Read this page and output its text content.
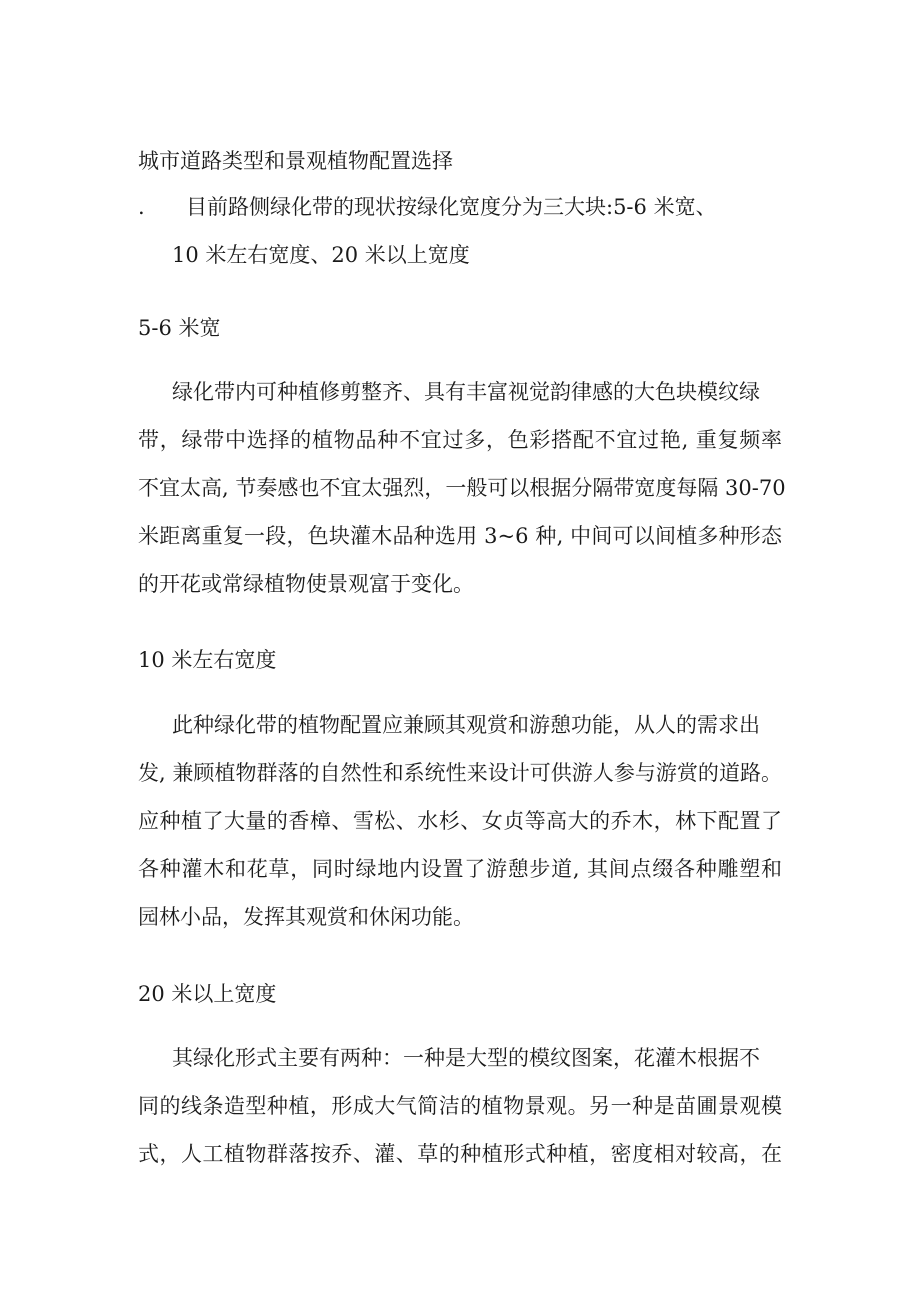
城市道路类型和景观植物配置选择
. 目前路侧绿化带的现状按绿化宽度分为三大块:5-6 米宽、
10 米左右宽度、20 米以上宽度
5-6 米宽
绿化带内可种植修剪整齐、具有丰富视觉韵律感的大色块模纹绿
带，绿带中选择的植物品种不宜过多，色彩搭配不宜过艳, 重复频率
不宜太高, 节奏感也不宜太强烈，一般可以根据分隔带宽度每隔 30-70
米距离重复一段，色块灌木品种选用 3~6 种, 中间可以间植多种形态
的开花或常绿植物使景观富于变化。
10 米左右宽度
此种绿化带的植物配置应兼顾其观赏和游憩功能，从人的需求出
发, 兼顾植物群落的自然性和系统性来设计可供游人参与游赏的道路。
应种植了大量的香樟、雪松、水杉、女贞等高大的乔木，林下配置了
各种灌木和花草，同时绿地内设置了游憩步道, 其间点缀各种雕塑和
园林小品，发挥其观赏和休闲功能。
20 米以上宽度
其绿化形式主要有两种：一种是大型的模纹图案，花灌木根据不
同的线条造型种植，形成大气简洁的植物景观。另一种是苗圃景观模
式，人工植物群落按乔、灌、草的种植形式种植，密度相对较高，在
